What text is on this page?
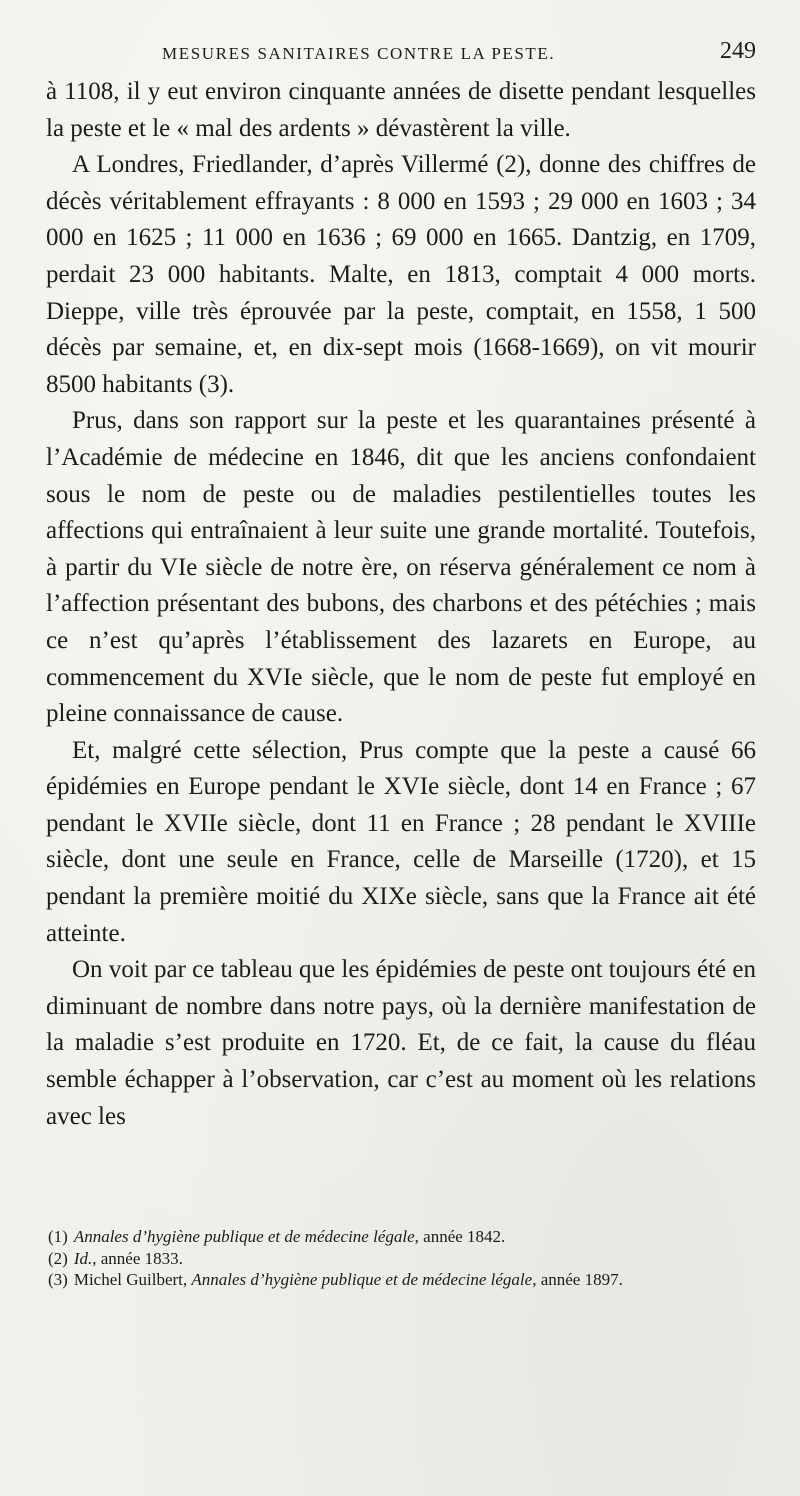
MESURES SANITAIRES CONTRE LA PESTE.	249

à 1108, il y eut environ cinquante années de disette pendant lesquelles la peste et le « mal des ardents » dévastèrent la ville.

A Londres, Friedlander, d’après Villermé (2), donne des chiffres de décès véritablement effrayants : 8 000 en 1593 ; 29 000 en 1603 ; 34 000 en 1625 ; 11 000 en 1636 ; 69 000 en 1665. Dantzig, en 1709, perdait 23 000 habitants. Malte, en 1813, comptait 4 000 morts. Dieppe, ville très éprouvée par la peste, comptait, en 1558, 1 500 décès par semaine, et, en dix-sept mois (1668-1669), on vit mourir 8500 habitants (3).

Prus, dans son rapport sur la peste et les quarantaines présenté à l’Académie de médecine en 1846, dit que les anciens confondaient sous le nom de peste ou de maladies pestilentielles toutes les affections qui entraînaient à leur suite une grande mortalité. Toutefois, à partir du VIe siècle de notre ère, on réserva généralement ce nom à l’affection présentant des bubons, des charbons et des pétéchies ; mais ce n’est qu’après l’établissement des lazarets en Europe, au commencement du XVIe siècle, que le nom de peste fut employé en pleine connaissance de cause.

Et, malgré cette sélection, Prus compte que la peste a causé 66 épidémies en Europe pendant le XVIe siècle, dont 14 en France ; 67 pendant le XVIIe siècle, dont 11 en France ; 28 pendant le XVIIIe siècle, dont une seule en France, celle de Marseille (1720), et 15 pendant la première moitié du XIXe siècle, sans que la France ait été atteinte.

On voit par ce tableau que les épidémies de peste ont toujours été en diminuant de nombre dans notre pays, où la dernière manifestation de la maladie s’est produite en 1720. Et, de ce fait, la cause du fléau semble échapper à l’observation, car c’est au moment où les relations avec les

(1) Annales d’hygiène publique et de médecine légale, année 1842.

(2) Id., année 1833.

(3) Michel Guilbert, Annales d’hygiène publique et de médecine légale, année 1897.
